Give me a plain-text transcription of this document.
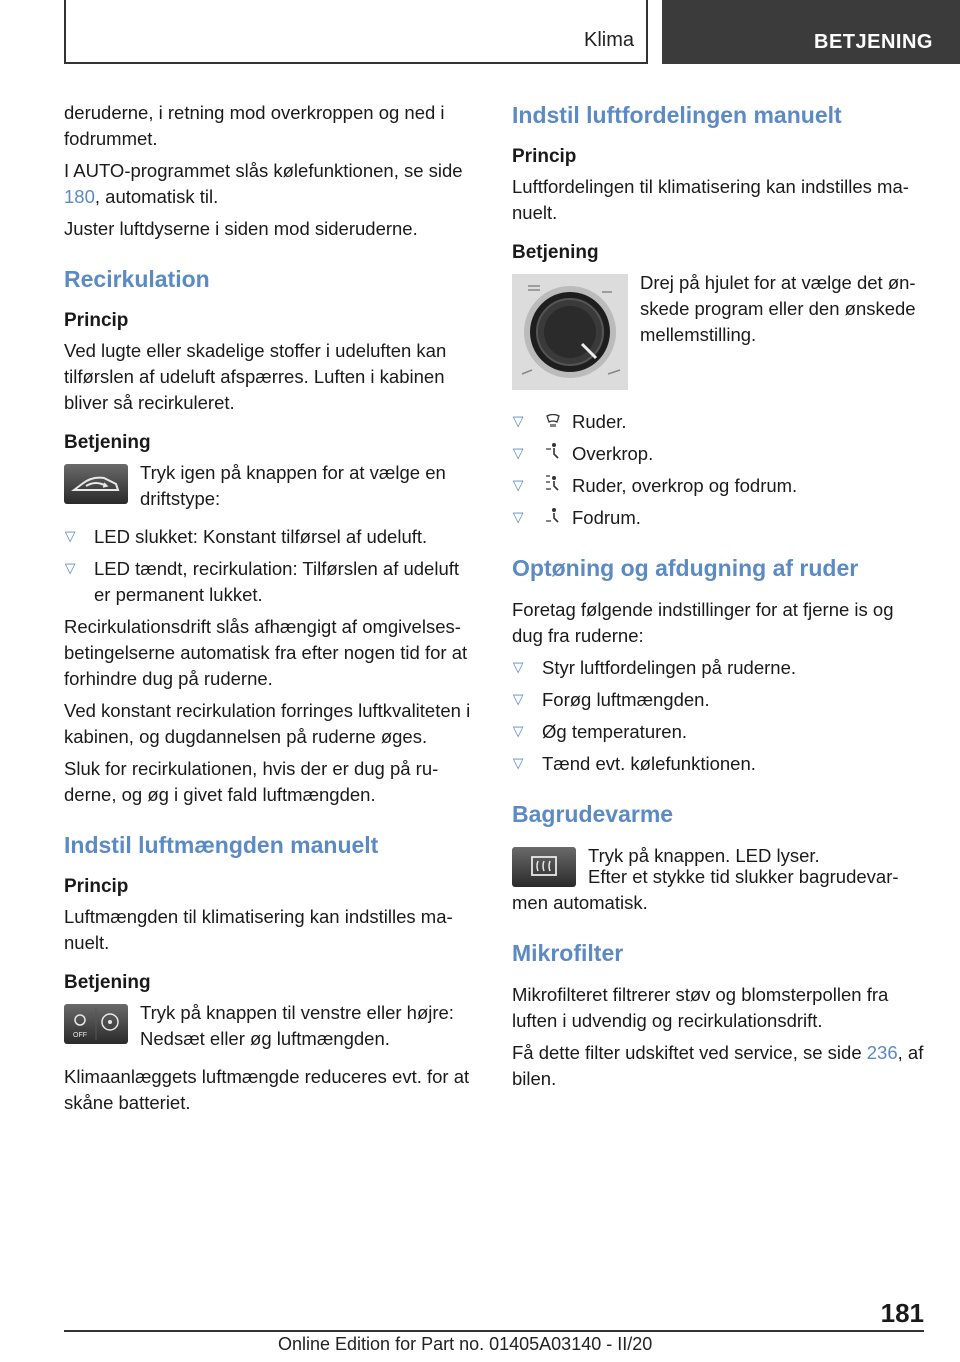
Klima	BETJENING

deruderne, i retning mod overkroppen og ned i fodrummet.

I AUTO-programmet slås kølefunktionen, se side 180, automatisk til.

Juster luftdyserne i siden mod sideruderne.

Recirkulation
Princip

Ved lugte eller skadelige stoffer i udeluften kan tilførslen af udeluft afspærres. Luften i kabinen bliver så recirkuleret.

Betjening
Tryk igen på knappen for at vælge en driftstype:
▷ LED slukket: Konstant tilførsel af udeluft.
▷ LED tændt, recirkulation: Tilførslen af udeluft er permanent lukket.

Recirkulationsdrift slås afhængigt af omgivelsesbetingelserne automatisk fra efter nogen tid for at forhindre dug på ruderne.

Ved konstant recirkulation forringes luftkvaliteten i kabinen, og dugdannelsen på ruderne øges.

Sluk for recirkulationen, hvis der er dug på ruderne, og øg i givet fald luftmængden.

Indstil luftmængden manuelt
Princip

Luftmængden til klimatisering kan indstilles manuelt.

Betjening
OFF
Tryk på knappen til venstre eller højre: Nedsæt eller øg luftmængden.

Klimaanlæggets luftmængde reduceres evt. for at skåne batteriet.

Indstil luftfordelingen manuelt
Princip

Luftfordelingen til klimatisering kan indstilles manuelt.

Betjening
Drej på hjulet for at vælge det ønskede program eller den ønskede mellemstilling.
▷ Ruder.
▷ Overkrop.
▷ Ruder, overkrop og fodrum.
▷ Fodrum.
Optøning og afdugning af ruder

Foretag følgende indstillinger for at fjerne is og dug fra ruderne:

▷ Styr luftfordelingen på ruderne.
▷ Forøg luftmængden.
▷ Øg temperaturen.
▷ Tænd evt. kølefunktionen.
Bagrudevarme

Tryk på knappen. LED lyser.

Efter et stykke tid slukker bagrudevarmen automatisk.

Mikrofilter

Mikrofilteret filtrerer støv og blomsterpollen fra luften i udvendig og recirkulationsdrift.

Få dette filter udskiftet ved service, se side 236, af bilen.

181
Online Edition for Part no. 01405A03140 - II/20
